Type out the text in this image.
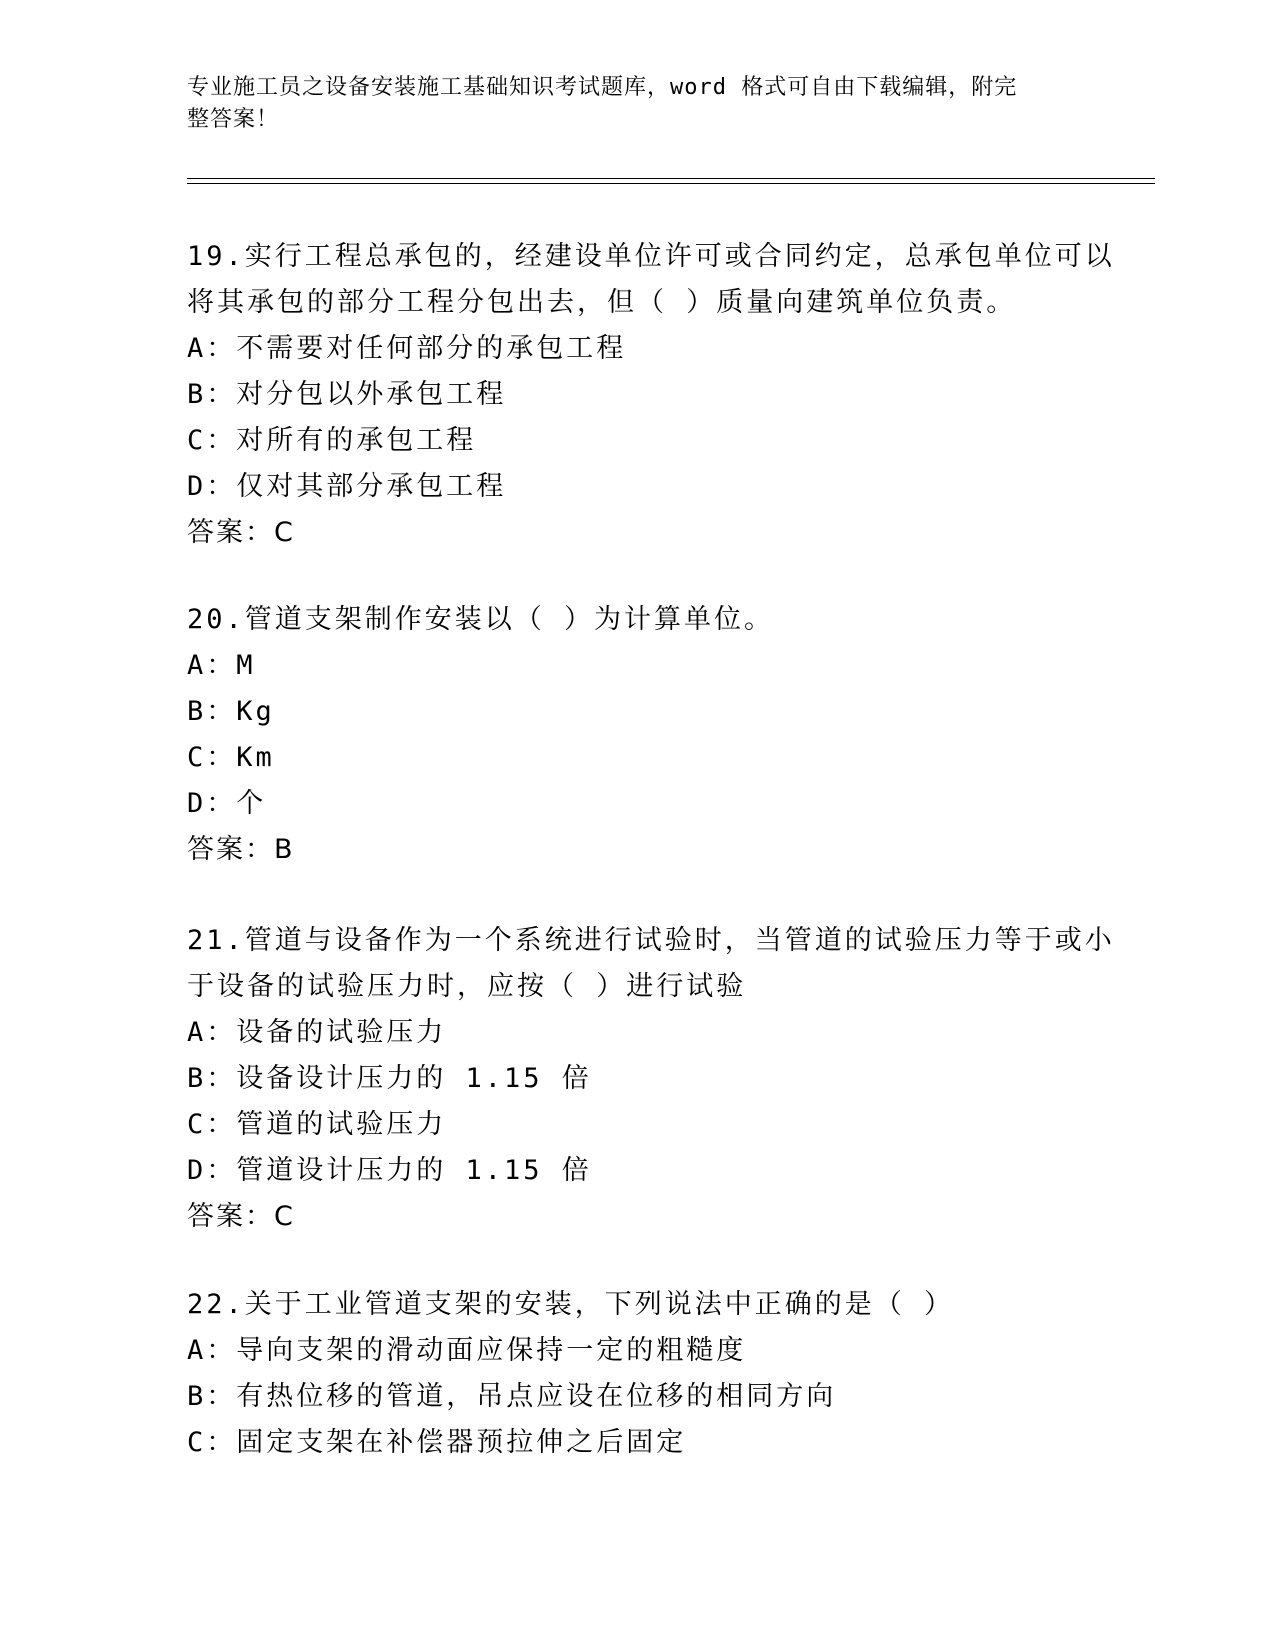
专业施工员之设备安装施工基础知识考试题库，word 格式可自由下载编辑，附完
整答案！
19.实行工程总承包的，经建设单位许可或合同约定，总承包单位可以
将其承包的部分工程分包出去，但（ ）质量向建筑单位负责。
A：不需要对任何部分的承包工程
B：对分包以外承包工程
C：对所有的承包工程
D：仅对其部分承包工程
答案：C
20.管道支架制作安装以（ ）为计算单位。
A：M
B：Kg
C：Km
D：个
答案：B
21.管道与设备作为一个系统进行试验时，当管道的试验压力等于或小
于设备的试验压力时，应按（ ）进行试验
A：设备的试验压力
B：设备设计压力的 1.15 倍
C：管道的试验压力
D：管道设计压力的 1.15 倍
答案：C
22.关于工业管道支架的安装，下列说法中正确的是（ ）
A：导向支架的滑动面应保持一定的粗糙度
B：有热位移的管道，吊点应设在位移的相同方向
C：固定支架在补偿器预拉伸之后固定
